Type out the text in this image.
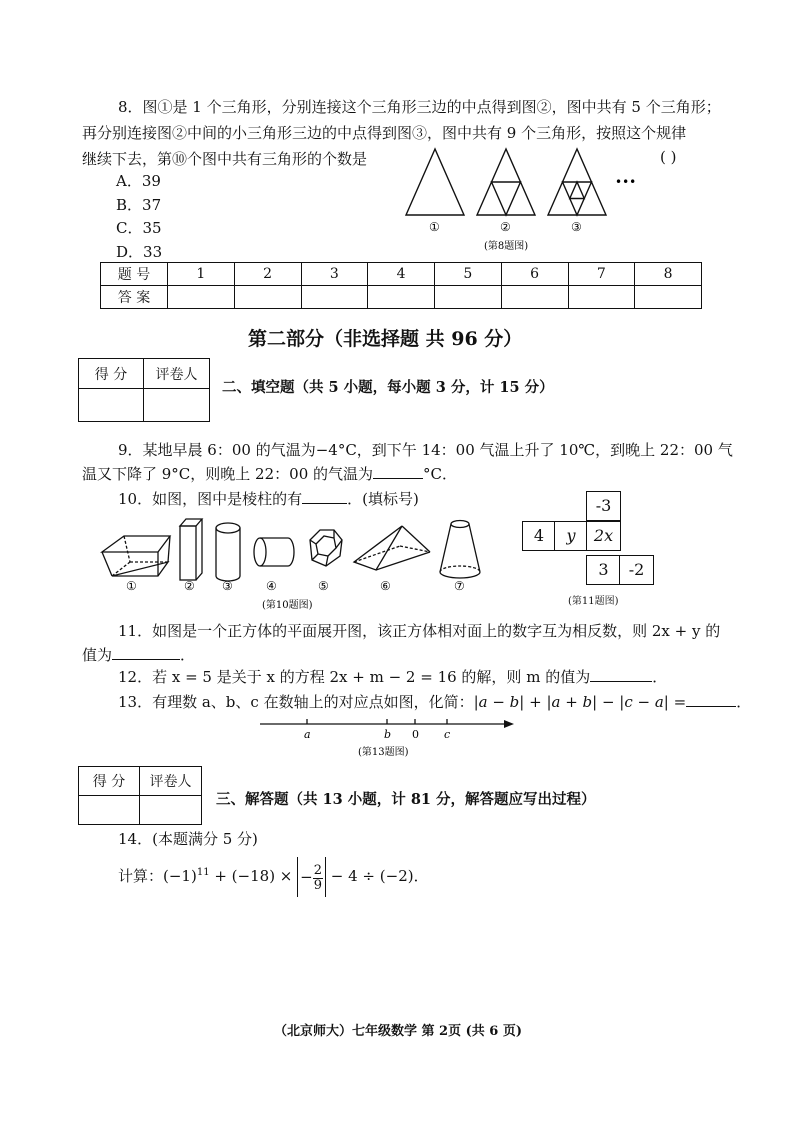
8．图①是 1 个三角形，分别连接这个三角形三边的中点得到图②，图中共有 5 个三角形；
再分别连接图②中间的小三角形三边的中点得到图③，图中共有 9 个三角形，按照这个规律
继续下去，第⑩个图中共有三角形的个数是	( )
A．39
B．37
C．35
D．33
•••
①	②	③
(第8题图)
题 号	1	2	3	4	5	6	7	8
答 案								
第二部分（非选择题 共 96 分）
得 分	评卷人

二、填空题（共 5 小题，每小题 3 分，计 15 分）
9．某地早晨 6：00 的气温为−4°C，到下午 14：00 气温上升了 10℃，到晚上 22：00 气
温又下降了 9°C，则晚上 22：00 的气温为	°C．
10．如图，图中是棱柱的有	．(填标号)
①	② ③	④	⑤	⑥	⑦
(第10题图)
-3
4	y	2x
3	-2
(第11题图)
11．如图是一个正方体的平面展开图，该正方体相对面上的数字互为相反数，则 2x + y 的
值为	．
12．若 x = 5 是关于 x 的方程 2x + m − 2 = 16 的解，则 m 的值为	．
13．有理数 a、b、c 在数轴上的对应点如图，化简：|a − b| + |a + b| − |c − a| =	．
a	b 0 c
(第13题图)
得 分	评卷人

三、解答题（共 13 小题，计 81 分，解答题应写出过程）
14．(本题满分 5 分)
计算：$(-1)^{11} + (-18)$ × − $\frac{2}{9} - 4 \div (-2)$．
（北京师大）七年级数学 第 2页 (共 6 页)
